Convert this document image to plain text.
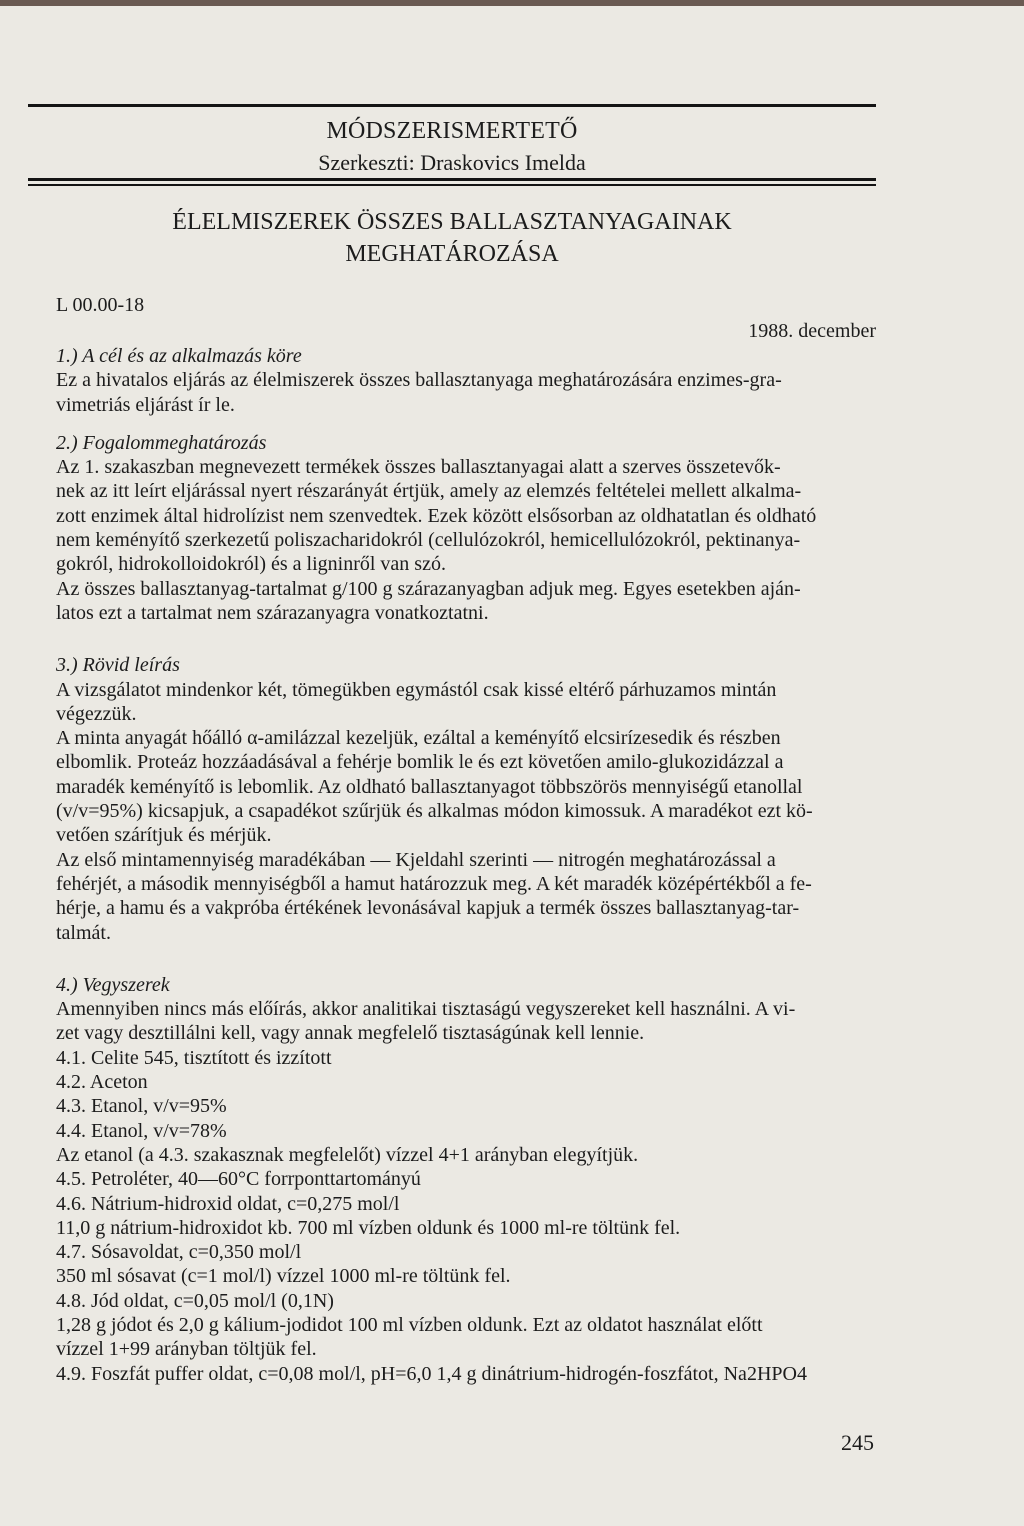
MÓDSZERISMERTETŐ
Szerkeszti: Draskovics Imelda
ÉLELMISZEREK ÖSSZES BALLASZTANYAGAINAK
MEGHATÁROZÁSA
L 00.00-18
1988. december

1.) A cél és az alkalmazás köre

Ez a hivatalos eljárás az élelmiszerek összes ballasztanyaga meghatározására enzimes-gra-

vimetriás eljárást ír le.

2.) Fogalommeghatározás

Az 1. szakaszban megnevezett termékek összes ballasztanyagai alatt a szerves összetevők-

nek az itt leírt eljárással nyert részarányát értjük, amely az elemzés feltételei mellett alkalma-

zott enzimek által hidrolízist nem szenvedtek. Ezek között elsősorban az oldhatatlan és oldható

nem keményítő szerkezetű poliszacharidokról (cellulózokról, hemicellulózokról, pektinanya-

gokról, hidrokolloidokról) és a ligninről van szó.

Az összes ballasztanyag-tartalmat g/100 g szárazanyagban adjuk meg. Egyes esetekben aján-

latos ezt a tartalmat nem szárazanyagra vonatkoztatni.

3.) Rövid leírás

A vizsgálatot mindenkor két, tömegükben egymástól csak kissé eltérő párhuzamos mintán

végezzük.

A minta anyagát hőálló α-amilázzal kezeljük, ezáltal a keményítő elcsirízesedik és részben

elbomlik. Proteáz hozzáadásával a fehérje bomlik le és ezt követően amilo-glukozidázzal a

maradék keményítő is lebomlik. Az oldható ballasztanyagot többszörös mennyiségű etanollal

(v/v=95%) kicsapjuk, a csapadékot szűrjük és alkalmas módon kimossuk. A maradékot ezt kö-

vetően szárítjuk és mérjük.

Az első mintamennyiség maradékában — Kjeldahl szerinti — nitrogén meghatározással a

fehérjét, a második mennyiségből a hamut határozzuk meg. A két maradék középértékből a fe-

hérje, a hamu és a vakpróba értékének levonásával kapjuk a termék összes ballasztanyag-tar-

talmát.

4.) Vegyszerek

Amennyiben nincs más előírás, akkor analitikai tisztaságú vegyszereket kell használni. A vi-

zet vagy desztillálni kell, vagy annak megfelelő tisztaságúnak kell lennie.

4.1. Celite 545, tisztított és izzított

4.2. Aceton

4.3. Etanol, v/v=95%

4.4. Etanol, v/v=78%

Az etanol (a 4.3. szakasznak megfelelőt) vízzel 4+1 arányban elegyítjük.

4.5. Petroléter, 40—60°C forrponttartományú

4.6. Nátrium-hidroxid oldat, c=0,275 mol/l

11,0 g nátrium-hidroxidot kb. 700 ml vízben oldunk és 1000 ml-re töltünk fel.

4.7. Sósavoldat, c=0,350 mol/l

350 ml sósavat (c=1 mol/l) vízzel 1000 ml-re töltünk fel.

4.8. Jód oldat, c=0,05 mol/l (0,1N)

1,28 g jódot és 2,0 g kálium-jodidot 100 ml vízben oldunk. Ezt az oldatot használat előtt

vízzel 1+99 arányban töltjük fel.

4.9. Foszfát puffer oldat, c=0,08 mol/l, pH=6,0 1,4 g dinátrium-hidrogén-foszfátot, Na2HPO4

245
